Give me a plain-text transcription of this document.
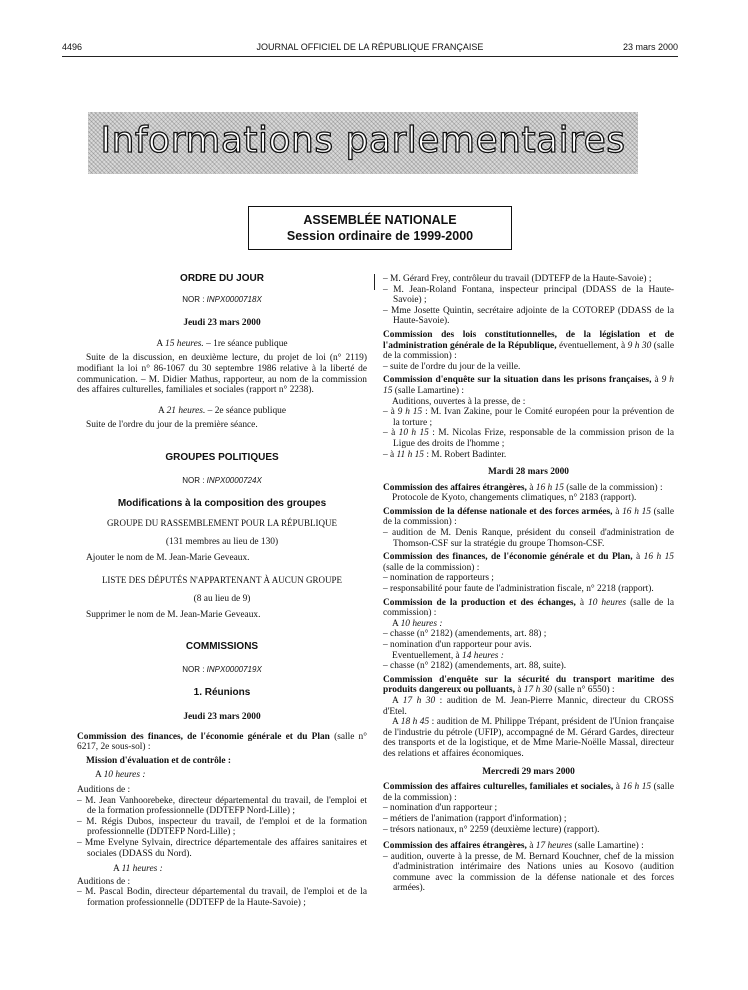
4496	JOURNAL OFFICIEL DE LA RÉPUBLIQUE FRANÇAISE	23 mars 2000
Informations parlementaires
ASSEMBLÉE NATIONALE
Session ordinaire de 1999-2000
ORDRE DU JOUR
NOR : INPX0000718X
Jeudi 23 mars 2000

A 15 heures. – 1re séance publique

Suite de la discussion, en deuxième lecture, du projet de loi (n° 2119) modifiant la loi n° 86-1067 du 30 septembre 1986 relative à la liberté de communication. – M. Didier Mathus, rapporteur, au nom de la commission des affaires culturelles, familiales et sociales (rapport n° 2238).

A 21 heures. – 2e séance publique

Suite de l'ordre du jour de la première séance.

GROUPES POLITIQUES
NOR : INPX0000724X
Modifications à la composition des groupes
GROUPE DU RASSEMBLEMENT POUR LA RÉPUBLIQUE
(131 membres au lieu de 130)

Ajouter le nom de M. Jean-Marie Geveaux.

LISTE DES DÉPUTÉS N'APPARTENANT À AUCUN GROUPE
(8 au lieu de 9)

Supprimer le nom de M. Jean-Marie Geveaux.

COMMISSIONS
NOR : INPX0000719X
1. Réunions
Jeudi 23 mars 2000

Commission des finances, de l'économie générale et du Plan (salle n° 6217, 2e sous-sol) :

Mission d'évaluation et de contrôle :

A 10 heures :

Auditions de :

– M. Jean Vanhoorebeke, directeur départemental du travail, de l'emploi et de la formation professionnelle (DDTEFP Nord-Lille) ;

– M. Régis Dubos, inspecteur du travail, de l'emploi et de la formation professionnelle (DDTEFP Nord-Lille) ;

– Mme Evelyne Sylvain, directrice départementale des affaires sanitaires et sociales (DDASS du Nord).

A 11 heures :

Auditions de :

– M. Pascal Bodin, directeur départemental du travail, de l'emploi et de la formation professionnelle (DDTEFP de la Haute-Savoie) ;

– M. Gérard Frey, contrôleur du travail (DDTEFP de la Haute-Savoie) ;

– M. Jean-Roland Fontana, inspecteur principal (DDASS de la Haute-Savoie) ;

– Mme Josette Quintin, secrétaire adjointe de la COTOREP (DDASS de la Haute-Savoie).

Commission des lois constitutionnelles, de la législation et de l'administration générale de la République, éventuellement, à 9 h 30 (salle de la commission) :

– suite de l'ordre du jour de la veille.

Commission d'enquête sur la situation dans les prisons françaises, à 9 h 15 (salle Lamartine) :

Auditions, ouvertes à la presse, de :

– à 9 h 15 : M. Ivan Zakine, pour le Comité européen pour la prévention de la torture ;

– à 10 h 15 : M. Nicolas Frize, responsable de la commission prison de la Ligue des droits de l'homme ;

– à 11 h 15 : M. Robert Badinter.

Mardi 28 mars 2000

Commission des affaires étrangères, à 16 h 15 (salle de la commission) :

Protocole de Kyoto, changements climatiques, n° 2183 (rapport).

Commission de la défense nationale et des forces armées, à 16 h 15 (salle de la commission) :

– audition de M. Denis Ranque, président du conseil d'administration de Thomson-CSF sur la stratégie du groupe Thomson-CSF.

Commission des finances, de l'économie générale et du Plan, à 16 h 15 (salle de la commission) :

– nomination de rapporteurs ;

– responsabilité pour faute de l'administration fiscale, n° 2218 (rapport).

Commission de la production et des échanges, à 10 heures (salle de la commission) :

A 10 heures :

– chasse (n° 2182) (amendements, art. 88) ;

– nomination d'un rapporteur pour avis.

Eventuellement, à 14 heures :

– chasse (n° 2182) (amendements, art. 88, suite).

Commission d'enquête sur la sécurité du transport maritime des produits dangereux ou polluants, à 17 h 30 (salle n° 6550) :

A 17 h 30 : audition de M. Jean-Pierre Mannic, directeur du CROSS d'Etel.

A 18 h 45 : audition de M. Philippe Trépant, président de l'Union française de l'industrie du pétrole (UFIP), accompagné de M. Gérard Gardes, directeur des transports et de la logistique, et de Mme Marie-Noëlle Massal, directeur des relations et affaires économiques.

Mercredi 29 mars 2000

Commission des affaires culturelles, familiales et sociales, à 16 h 15 (salle de la commission) :

– nomination d'un rapporteur ;

– métiers de l'animation (rapport d'information) ;

– trésors nationaux, n° 2259 (deuxième lecture) (rapport).

Commission des affaires étrangères, à 17 heures (salle Lamartine) :

– audition, ouverte à la presse, de M. Bernard Kouchner, chef de la mission d'administration intérimaire des Nations unies au Kosovo (audition commune avec la commission de la défense nationale et des forces armées).
